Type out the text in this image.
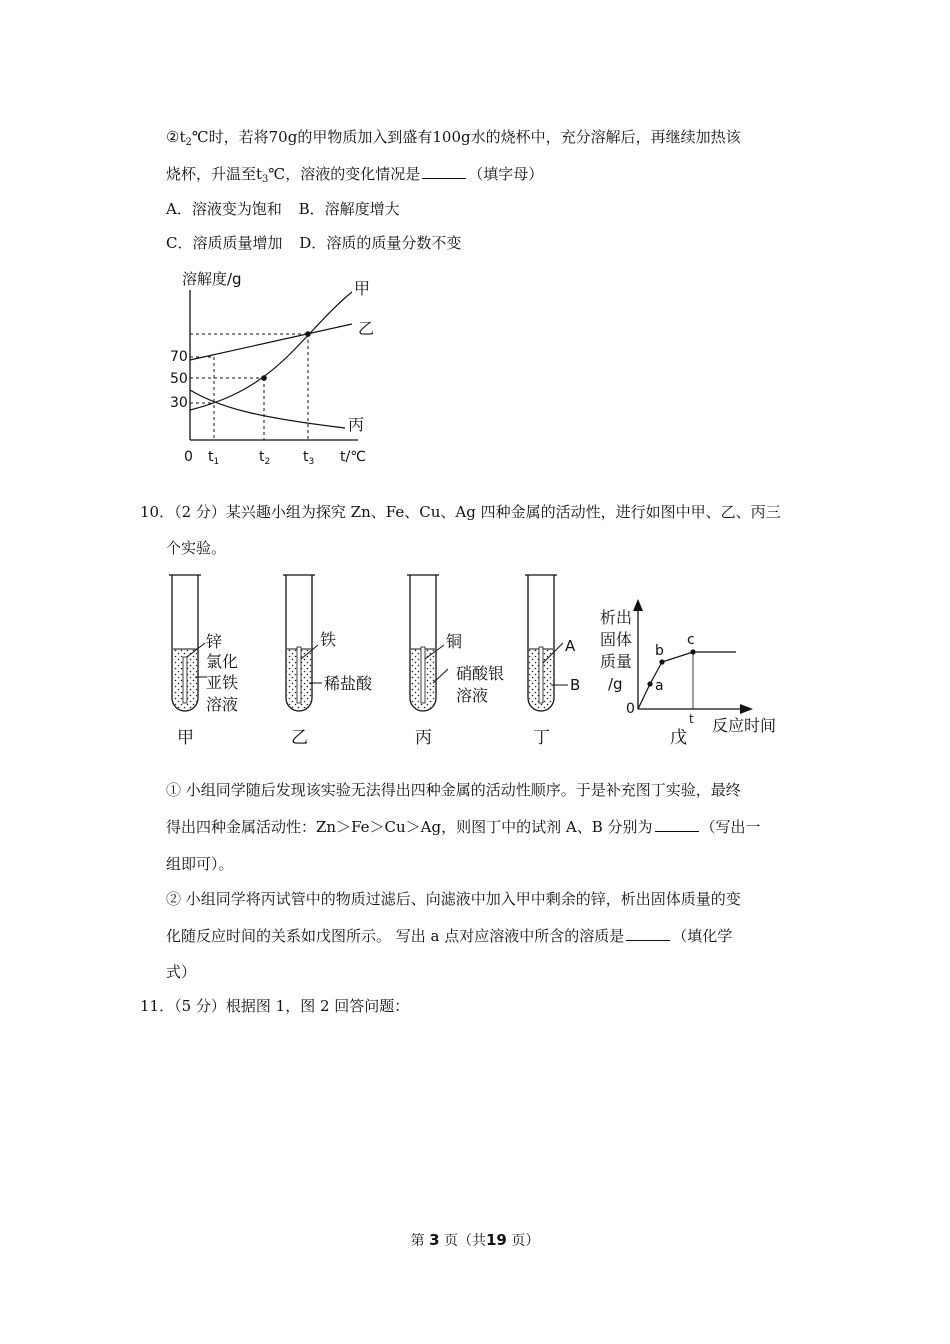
$②t_2℃$时，若将70g的甲物质加入到盛有100g水的烧杯中，充分溶解后，再继续加热该
烧杯，升温至$t_3℃$，溶液的变化情况是	（填字母）
A．溶液变为饱和 B．溶解度增大
C．溶质质量增加 D．溶质的质量分数不变
溶解度/g	甲
乙
丙
70
50
30
0 $t_1$	$t_2$ $t_3$ t/℃
10．（2 分）某兴趣小组为探究 Zn、Fe、Cu、Ag 四种金属的活动性，进行如图中甲、乙、丙三
个实验。
锌
氯化
亚铁
溶液
甲
铁
稀盐酸
乙
铜
硝酸银
溶液
丙
A
B
丁
析出
固体
质量
/g
0
a
b
c
t 反应时间
戊
① 小组同学随后发现该实验无法得出四种金属的活动性顺序。于是补充图丁实验，最终
得出四种金属活动性：Zn＞Fe＞Cu＞Ag，则图丁中的试剂 A、B 分别为	（写出一
组即可）。
② 小组同学将丙试管中的物质过滤后、向滤液中加入甲中剩余的锌，析出固体质量的变
化随反应时间的关系如戊图所示。 写出 a 点对应溶液中所含的溶质是	（填化学
式）
11．（5 分）根据图 1，图 2 回答问题：
第 3 页（共19 页）
